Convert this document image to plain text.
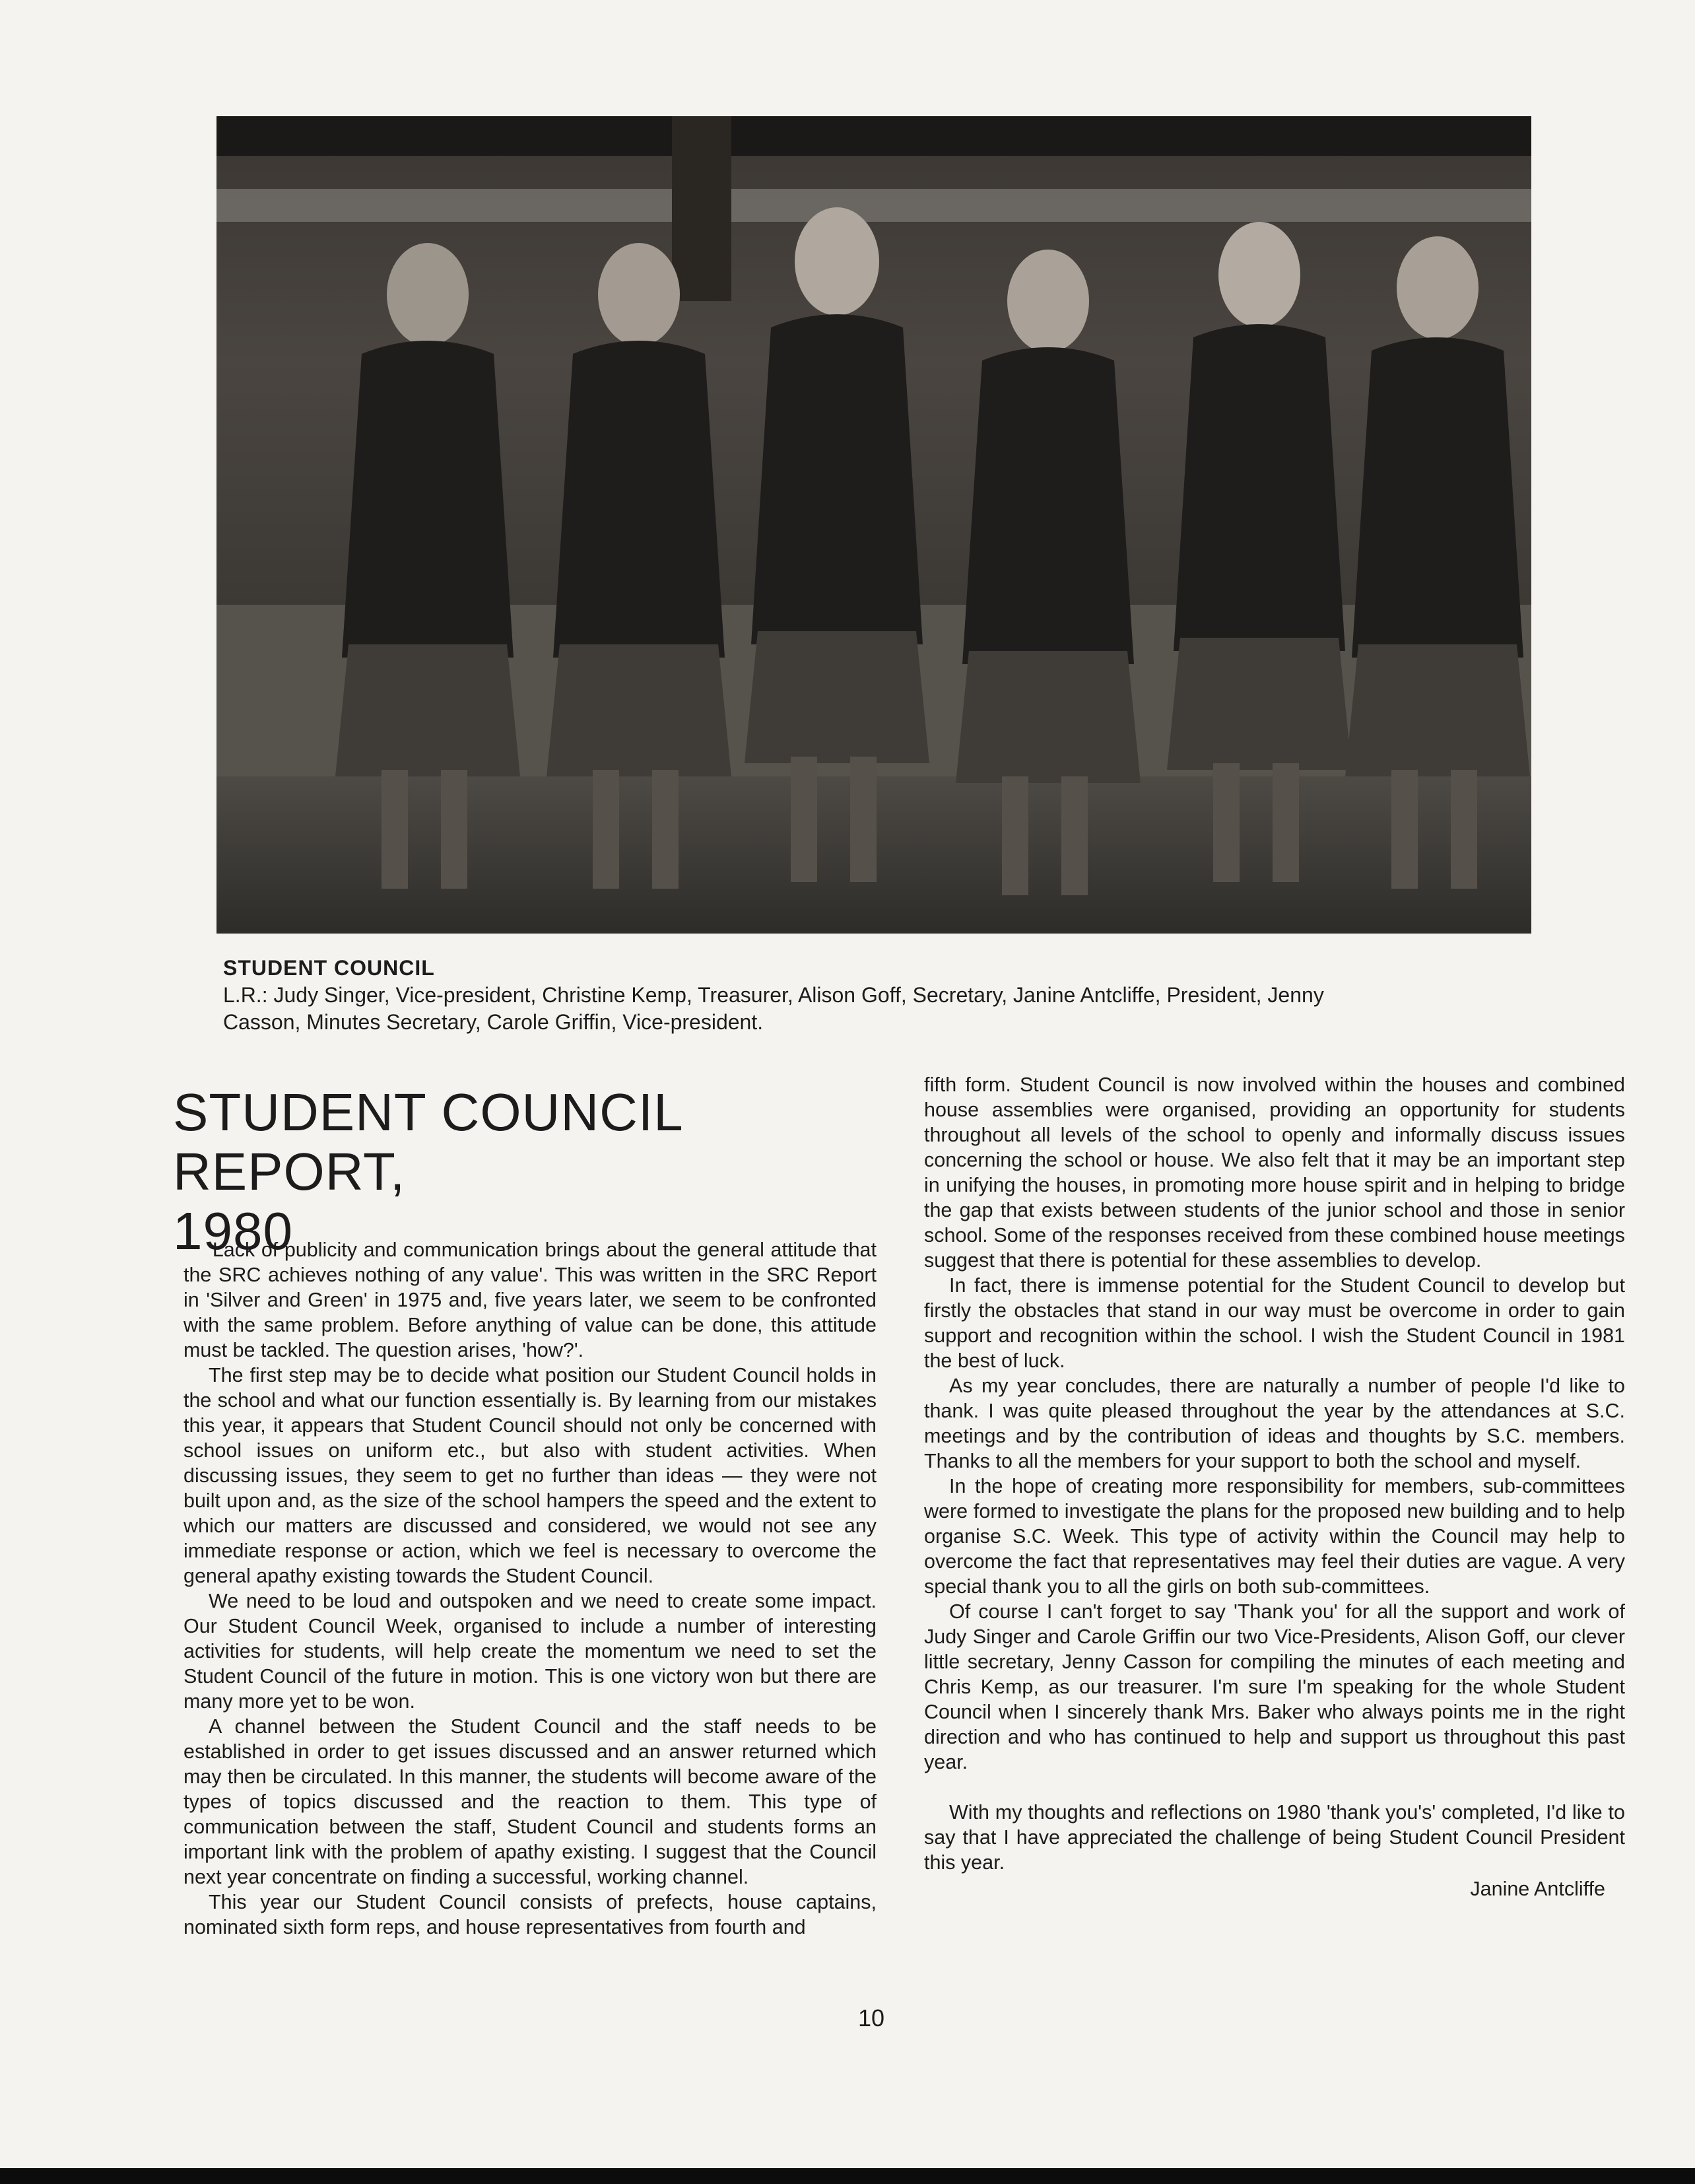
STUDENT COUNCIL
L.R.: Judy Singer, Vice-president, Christine Kemp, Treasurer, Alison Goff, Secretary, Janine Antcliffe, President, Jenny
Casson, Minutes Secretary, Carole Griffin, Vice-president.
STUDENT COUNCIL REPORT,
1980

'Lack of publicity and communication brings about the general attitude that the SRC achieves nothing of any value'. This was written in the SRC Report in 'Silver and Green' in 1975 and, five years later, we seem to be confronted with the same problem. Before anything of value can be done, this attitude must be tackled. The question arises, 'how?'.

The first step may be to decide what position our Student Council holds in the school and what our function essentially is. By learning from our mistakes this year, it appears that Student Council should not only be concerned with school issues on uniform etc., but also with student activities. When discussing issues, they seem to get no further than ideas — they were not built upon and, as the size of the school hampers the speed and the extent to which our matters are discussed and considered, we would not see any immediate response or action, which we feel is necessary to overcome the general apathy existing towards the Student Council.

We need to be loud and outspoken and we need to create some impact. Our Student Council Week, organised to include a number of interesting activities for students, will help create the momentum we need to set the Student Council of the future in motion. This is one victory won but there are many more yet to be won.

A channel between the Student Council and the staff needs to be established in order to get issues discussed and an answer returned which may then be circulated. In this manner, the students will become aware of the types of topics discussed and the reaction to them. This type of communication between the staff, Student Council and students forms an important link with the problem of apathy existing. I suggest that the Council next year concentrate on finding a successful, working channel.

This year our Student Council consists of prefects, house captains, nominated sixth form reps, and house representatives from fourth and

fifth form. Student Council is now involved within the houses and combined house assemblies were organised, providing an opportunity for students throughout all levels of the school to openly and informally discuss issues concerning the school or house. We also felt that it may be an important step in unifying the houses, in promoting more house spirit and in helping to bridge the gap that exists between students of the junior school and those in senior school. Some of the responses received from these combined house meetings suggest that there is potential for these assemblies to develop.

In fact, there is immense potential for the Student Council to develop but firstly the obstacles that stand in our way must be overcome in order to gain support and recognition within the school. I wish the Student Council in 1981 the best of luck.

As my year concludes, there are naturally a number of people I'd like to thank. I was quite pleased throughout the year by the attendances at S.C. meetings and by the contribution of ideas and thoughts by S.C. members. Thanks to all the members for your support to both the school and myself.

In the hope of creating more responsibility for members, sub-committees were formed to investigate the plans for the proposed new building and to help organise S.C. Week. This type of activity within the Council may help to overcome the fact that representatives may feel their duties are vague. A very special thank you to all the girls on both sub-committees.

Of course I can't forget to say 'Thank you' for all the support and work of Judy Singer and Carole Griffin our two Vice-Presidents, Alison Goff, our clever little secretary, Jenny Casson for compiling the minutes of each meeting and Chris Kemp, as our treasurer. I'm sure I'm speaking for the whole Student Council when I sincerely thank Mrs. Baker who always points me in the right direction and who has continued to help and support us throughout this past year.

With my thoughts and reflections on 1980 'thank you's' completed, I'd like to say that I have appreciated the challenge of being Student Council President this year.

Janine Antcliffe
10
